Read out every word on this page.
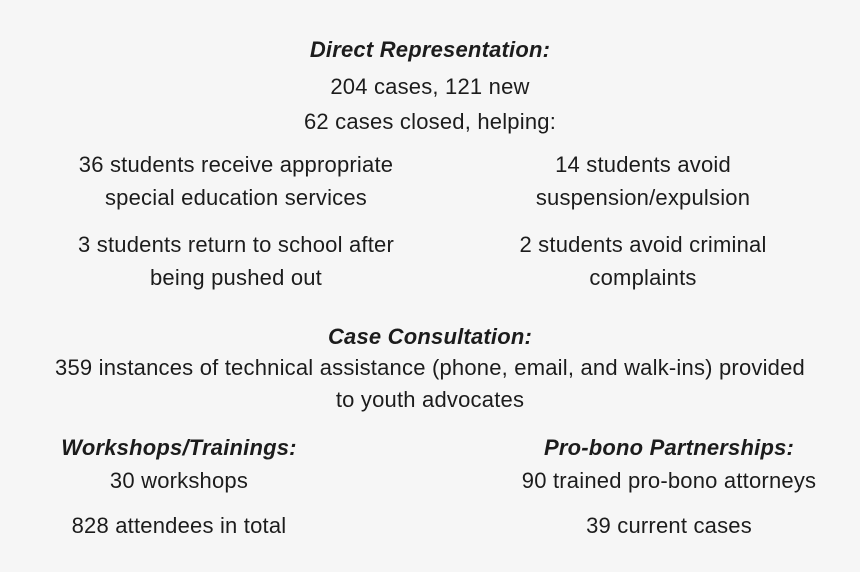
Direct Representation:
204 cases, 121 new
62 cases closed, helping:
36 students receive appropriate
special education services
14 students avoid
suspension/expulsion
3 students return to school after
being pushed out
2 students avoid criminal
complaints
Case Consultation:
359 instances of technical assistance (phone, email, and walk-ins) provided
to youth advocates
Workshops/Trainings:
30 workshops
828 attendees in total
Pro-bono Partnerships:
90 trained pro-bono attorneys
39 current cases
